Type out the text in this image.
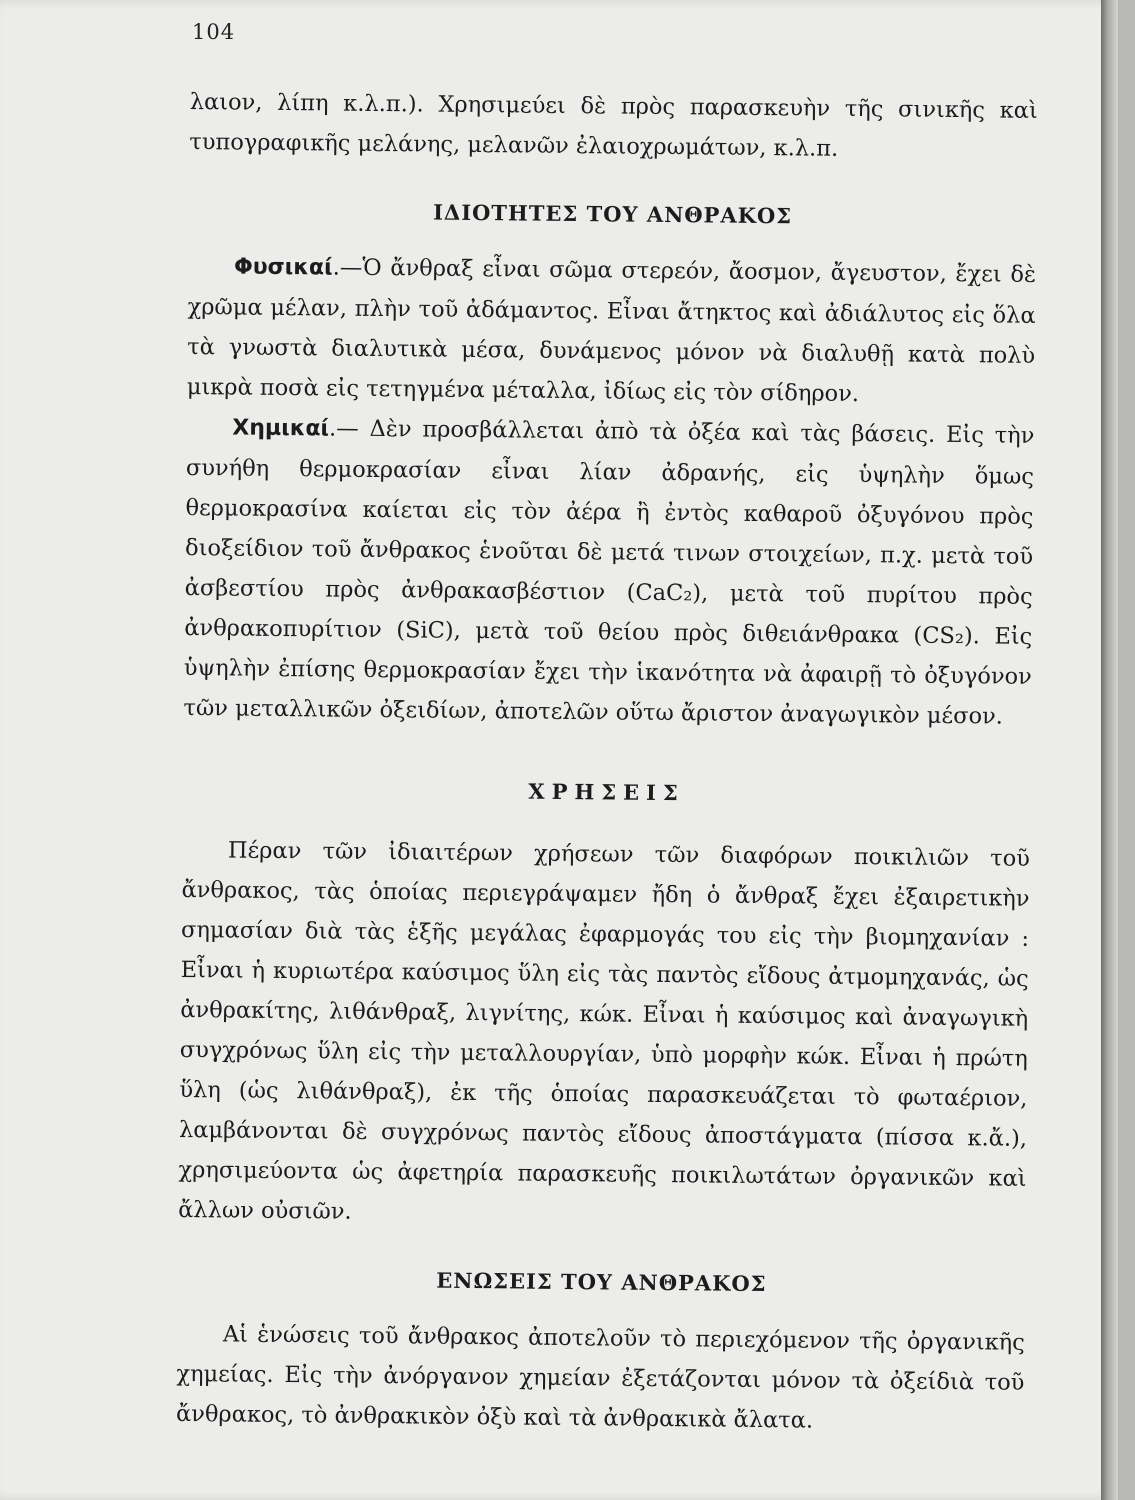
104

λαιον, λίπη κ.λ.π.). Χρησιμεύει δὲ πρὸς παρασκευὴν τῆς σινικῆς καὶ τυπογραφικῆς μελάνης, μελανῶν ἐλαιοχρωμάτων, κ.λ.π.

ΙΔΙΟΤΗΤΕΣ ΤΟΥ ΑΝΘΡΑΚΟΣ

Φυσικαί.—Ὁ ἄνθραξ εἶναι σῶμα στερεόν, ἄοσμον, ἄγευστον, ἔχει δὲ χρῶμα μέλαν, πλὴν τοῦ ἀδάμαντος. Εἶναι ἄτηκτος καὶ ἀδιάλυτος εἰς ὅλα τὰ γνωστὰ διαλυτικὰ μέσα, δυνάμενος μόνον νὰ διαλυθῇ κατὰ πολὺ μικρὰ ποσὰ εἰς τετηγμένα μέταλλα, ἰδίως εἰς τὸν σίδηρον.

Χημικαί.— Δὲν προσβάλλεται ἀπὸ τὰ ὀξέα καὶ τὰς βάσεις. Εἰς τὴν συνήθη θερμοκρασίαν εἶναι λίαν ἀδρανής, εἰς ὑψηλὴν ὅμως θερμοκρασίνα καίεται εἰς τὸν ἀέρα ἢ ἐντὸς καθαροῦ ὀξυγόνου πρὸς διοξείδιον τοῦ ἄνθρακος ἑνοῦται δὲ μετά τινων στοιχείων, π.χ. μετὰ τοῦ ἀσβεστίου πρὸς ἀνθρακασβέστιον (CaC₂), μετὰ τοῦ πυρίτου πρὸς ἀνθρακοπυρίτιον (SiC), μετὰ τοῦ θείου πρὸς διθειάνθρακα (CS₂). Εἰς ὑψηλὴν ἐπίσης θερμοκρασίαν ἔχει τὴν ἱκανότητα νὰ ἀφαιρῇ τὸ ὀξυγόνον τῶν μεταλλικῶν ὀξειδίων, ἀποτελῶν οὕτω ἄριστον ἀναγωγικὸν μέσον.

ΧΡΗΣΕΙΣ

Πέραν τῶν ἰδιαιτέρων χρήσεων τῶν διαφόρων ποικιλιῶν τοῦ ἄνθρακος, τὰς ὁποίας περιεγράψαμεν ἤδη ὁ ἄνθραξ ἔχει ἐξαιρετικὴν σημασίαν διὰ τὰς ἑξῆς μεγάλας ἐφαρμογάς του εἰς τὴν βιομηχανίαν : Εἶναι ἡ κυριωτέρα καύσιμος ὕλη εἰς τὰς παντὸς εἴδους ἀτμομηχανάς, ὡς ἀνθρακίτης, λιθάνθραξ, λιγνίτης, κώκ. Εἶναι ἡ καύσιμος καὶ ἀναγωγικὴ συγχρόνως ὕλη εἰς τὴν μεταλλουργίαν, ὑπὸ μορφὴν κώκ. Εἶναι ἡ πρώτη ὕλη (ὡς λιθάνθραξ), ἐκ τῆς ὁποίας παρασκευάζεται τὸ φωταέριον, λαμβάνονται δὲ συγχρόνως παντὸς εἴδους ἀποστάγματα (πίσσα κ.ἄ.), χρησιμεύοντα ὡς ἀφετηρία παρασκευῆς ποικιλωτάτων ὀργανικῶν καὶ ἄλλων οὐσιῶν.

ΕΝΩΣΕΙΣ ΤΟΥ ΑΝΘΡΑΚΟΣ

Αἱ ἑνώσεις τοῦ ἄνθρακος ἀποτελοῦν τὸ περιεχόμενον τῆς ὀργανικῆς χημείας. Εἰς τὴν ἀνόργανον χημείαν ἐξετάζονται μόνον τὰ ὀξείδιὰ τοῦ ἄνθρακος, τὸ ἀνθρακικὸν ὀξὺ καὶ τὰ ἀνθρακικὰ ἄλατα.
